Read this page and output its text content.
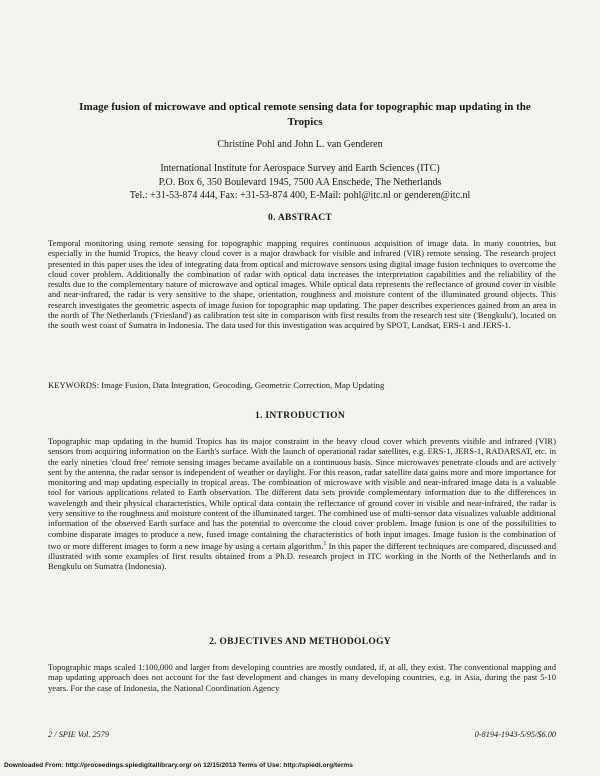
Image fusion of microwave and optical remote sensing data for topographic map updating in the Tropics
Christine Pohl and John L. van Genderen
International Institute for Aerospace Survey and Earth Sciences (ITC)
P.O. Box 6, 350 Boulevard 1945, 7500 AA Enschede, The Netherlands
Tel.: +31-53-874 444, Fax: +31-53-874 400, E-Mail: pohl@itc.nl or genderen@itc.nl
0. ABSTRACT
Temporal monitoring using remote sensing for topographic mapping requires continuous acquisition of image data. In many countries, but especially in the humid Tropics, the heavy cloud cover is a major drawback for visible and infrared (VIR) remote sensing. The research project presented in this paper uses the idea of integrating data from optical and microwave sensors using digital image fusion techniques to overcome the cloud cover problem. Additionally the combination of radar with optical data increases the interpretation capabilities and the reliability of the results due to the complementary nature of microwave and optical images. While optical data represents the reflectance of ground cover in visible and near-infrared, the radar is very sensitive to the shape, orientation, roughness and moisture content of the illuminated ground objects. This research investigates the geometric aspects of image fusion for topographic map updating. The paper describes experiences gained from an area in the north of The Netherlands ('Friesland') as calibration test site in comparison with first results from the research test site ('Bengkulu'), located on the south west coast of Sumatra in Indonesia. The data used for this investigation was acquired by SPOT, Landsat, ERS-1 and JERS-1.
KEYWORDS: Image Fusion, Data Integration, Geocoding, Geometric Correction, Map Updating
1. INTRODUCTION
Topographic map updating in the humid Tropics has its major constraint in the heavy cloud cover which prevents visible and infrared (VIR) sensors from acquiring information on the Earth's surface. With the launch of operational radar satellites, e.g. ERS-1, JERS-1, RADARSAT, etc. in the early nineties 'cloud free' remote sensing images became available on a continuous basis. Since microwaves penetrate clouds and are actively sent by the antenna, the radar sensor is independent of weather or daylight. For this reason, radar satellite data gains more and more importance for monitoring and map updating especially in tropical areas. The combination of microwave with visible and near-infrared image data is a valuable tool for various applications related to Earth observation. The different data sets provide complementary information due to the differences in wavelength and their physical characteristics. While optical data contain the reflectance of ground cover in visible and near-infrared, the radar is very sensitive to the roughness and moisture content of the illuminated target. The combined use of multi-sensor data visualizes valuable additional information of the observed Earth surface and has the potential to overcome the cloud cover problem. Image fusion is one of the possibilities to combine disparate images to produce a new, fused image containing the characteristics of both input images. Image fusion is the combination of two or more different images to form a new image by using a certain algorithm.$^1$ In this paper the different techniques are compared, discussed and illustrated with some examples of first results obtained from a Ph.D. research project in ITC working in the North of the Netherlands and in Bengkulu on Sumatra (Indonesia).
2. OBJECTIVES AND METHODOLOGY
Topographic maps scaled 1:100,000 and larger from developing countries are mostly outdated, if, at all, they exist. The conventional mapping and map updating approach does not account for the fast development and changes in many developing countries, e.g. in Asia, during the past 5-10 years. For the case of Indonesia, the National Coordination Agency
2 / SPIE Vol. 2579	0-8194-1943-5/95/$6.00
Downloaded From: http://proceedings.spiedigitallibrary.org/ on 12/15/2013 Terms of Use: http://spiedl.org/terms
